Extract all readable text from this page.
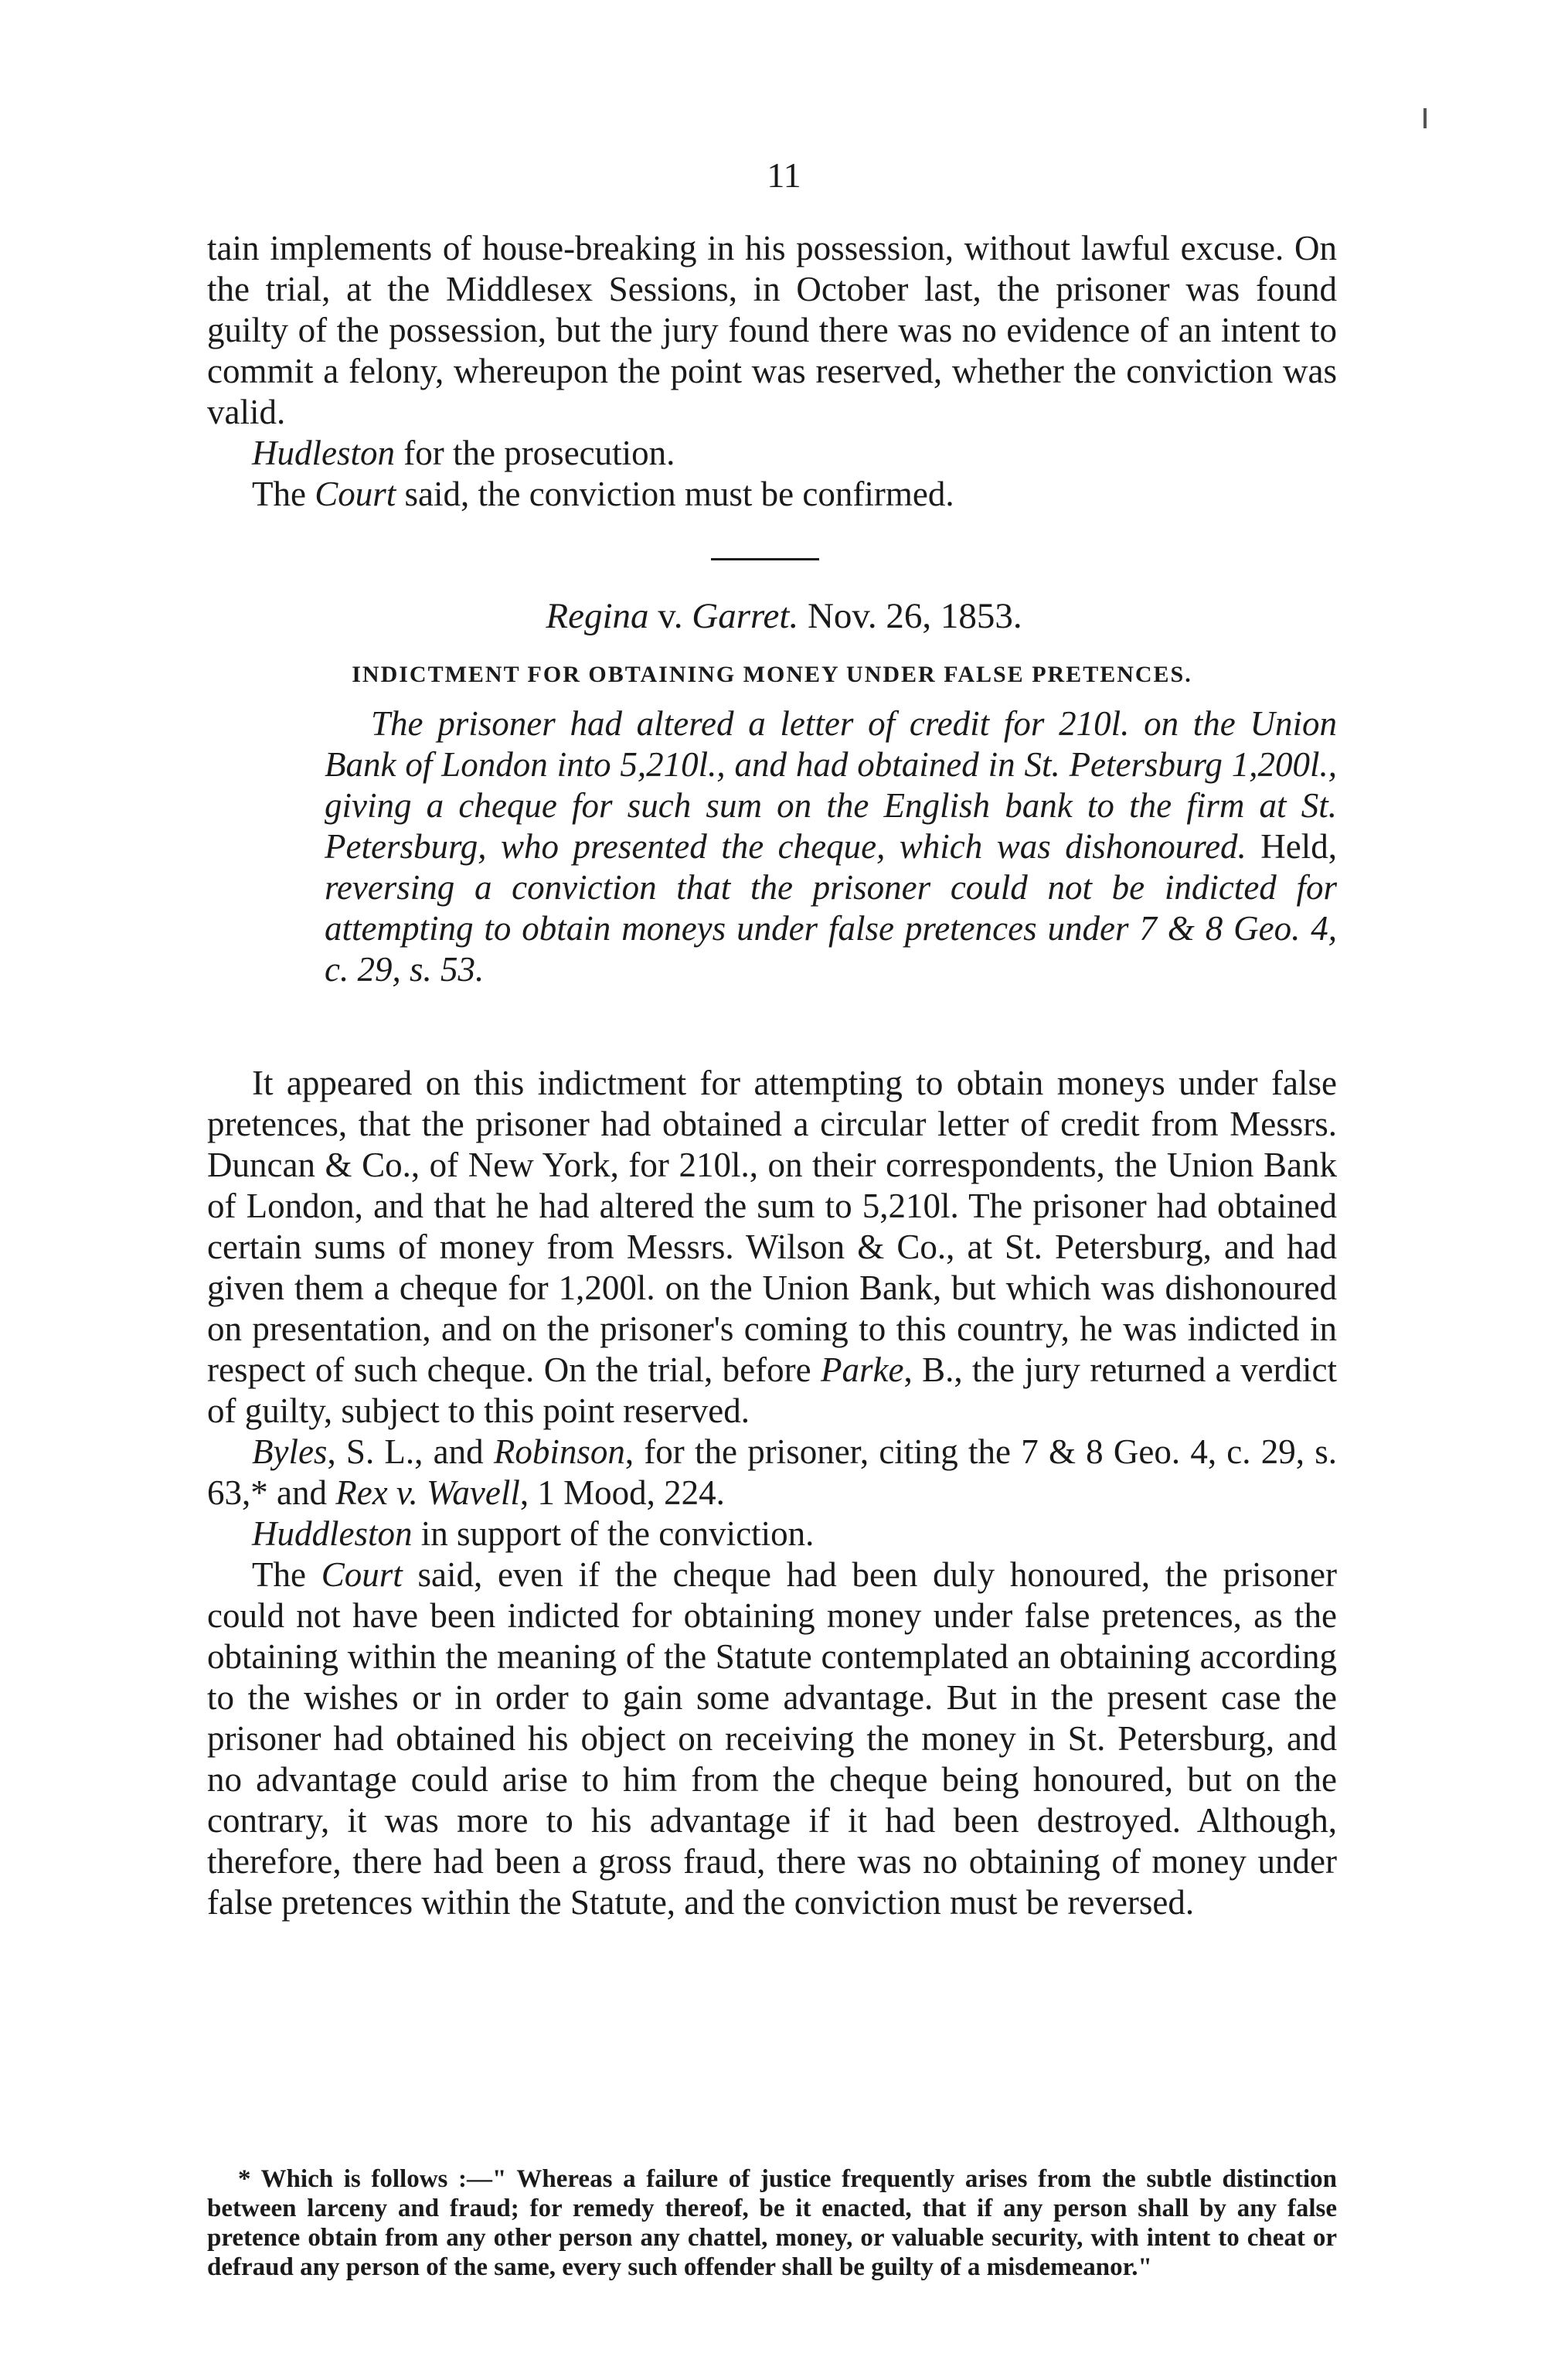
11

tain implements of house-breaking in his possession, without lawful excuse. On the trial, at the Middlesex Sessions, in October last, the prisoner was found guilty of the possession, but the jury found there was no evidence of an intent to commit a felony, whereupon the point was reserved, whether the conviction was valid.

Hudleston for the prosecution.

The Court said, the conviction must be confirmed.

Regina v. Garret. Nov. 26, 1853.
INDICTMENT FOR OBTAINING MONEY UNDER FALSE PRETENCES.

The prisoner had altered a letter of credit for 210l. on the Union Bank of London into 5,210l., and had obtained in St. Petersburg 1,200l., giving a cheque for such sum on the English bank to the firm at St. Petersburg, who presented the cheque, which was dishonoured. Held, reversing a conviction that the prisoner could not be indicted for attempting to obtain moneys under false pretences under 7 & 8 Geo. 4, c. 29, s. 53.

It appeared on this indictment for attempting to obtain moneys under false pretences, that the prisoner had obtained a circular letter of credit from Messrs. Duncan & Co., of New York, for 210l., on their correspondents, the Union Bank of London, and that he had altered the sum to 5,210l. The prisoner had obtained certain sums of money from Messrs. Wilson & Co., at St. Petersburg, and had given them a cheque for 1,200l. on the Union Bank, but which was dishonoured on presentation, and on the prisoner's coming to this country, he was indicted in respect of such cheque. On the trial, before Parke, B., the jury returned a verdict of guilty, subject to this point reserved.

Byles, S. L., and Robinson, for the prisoner, citing the 7 & 8 Geo. 4, c. 29, s. 63,* and Rex v. Wavell, 1 Mood, 224.

Huddleston in support of the conviction.

The Court said, even if the cheque had been duly honoured, the prisoner could not have been indicted for obtaining money under false pretences, as the obtaining within the meaning of the Statute contemplated an obtaining according to the wishes or in order to gain some advantage. But in the present case the prisoner had obtained his object on receiving the money in St. Petersburg, and no advantage could arise to him from the cheque being honoured, but on the contrary, it was more to his advantage if it had been destroyed. Although, therefore, there had been a gross fraud, there was no obtaining of money under false pretences within the Statute, and the conviction must be reversed.

* Which is follows :—" Whereas a failure of justice frequently arises from the subtle distinction between larceny and fraud; for remedy thereof, be it enacted, that if any person shall by any false pretence obtain from any other person any chattel, money, or valuable security, with intent to cheat or defraud any person of the same, every such offender shall be guilty of a misdemeanor."
